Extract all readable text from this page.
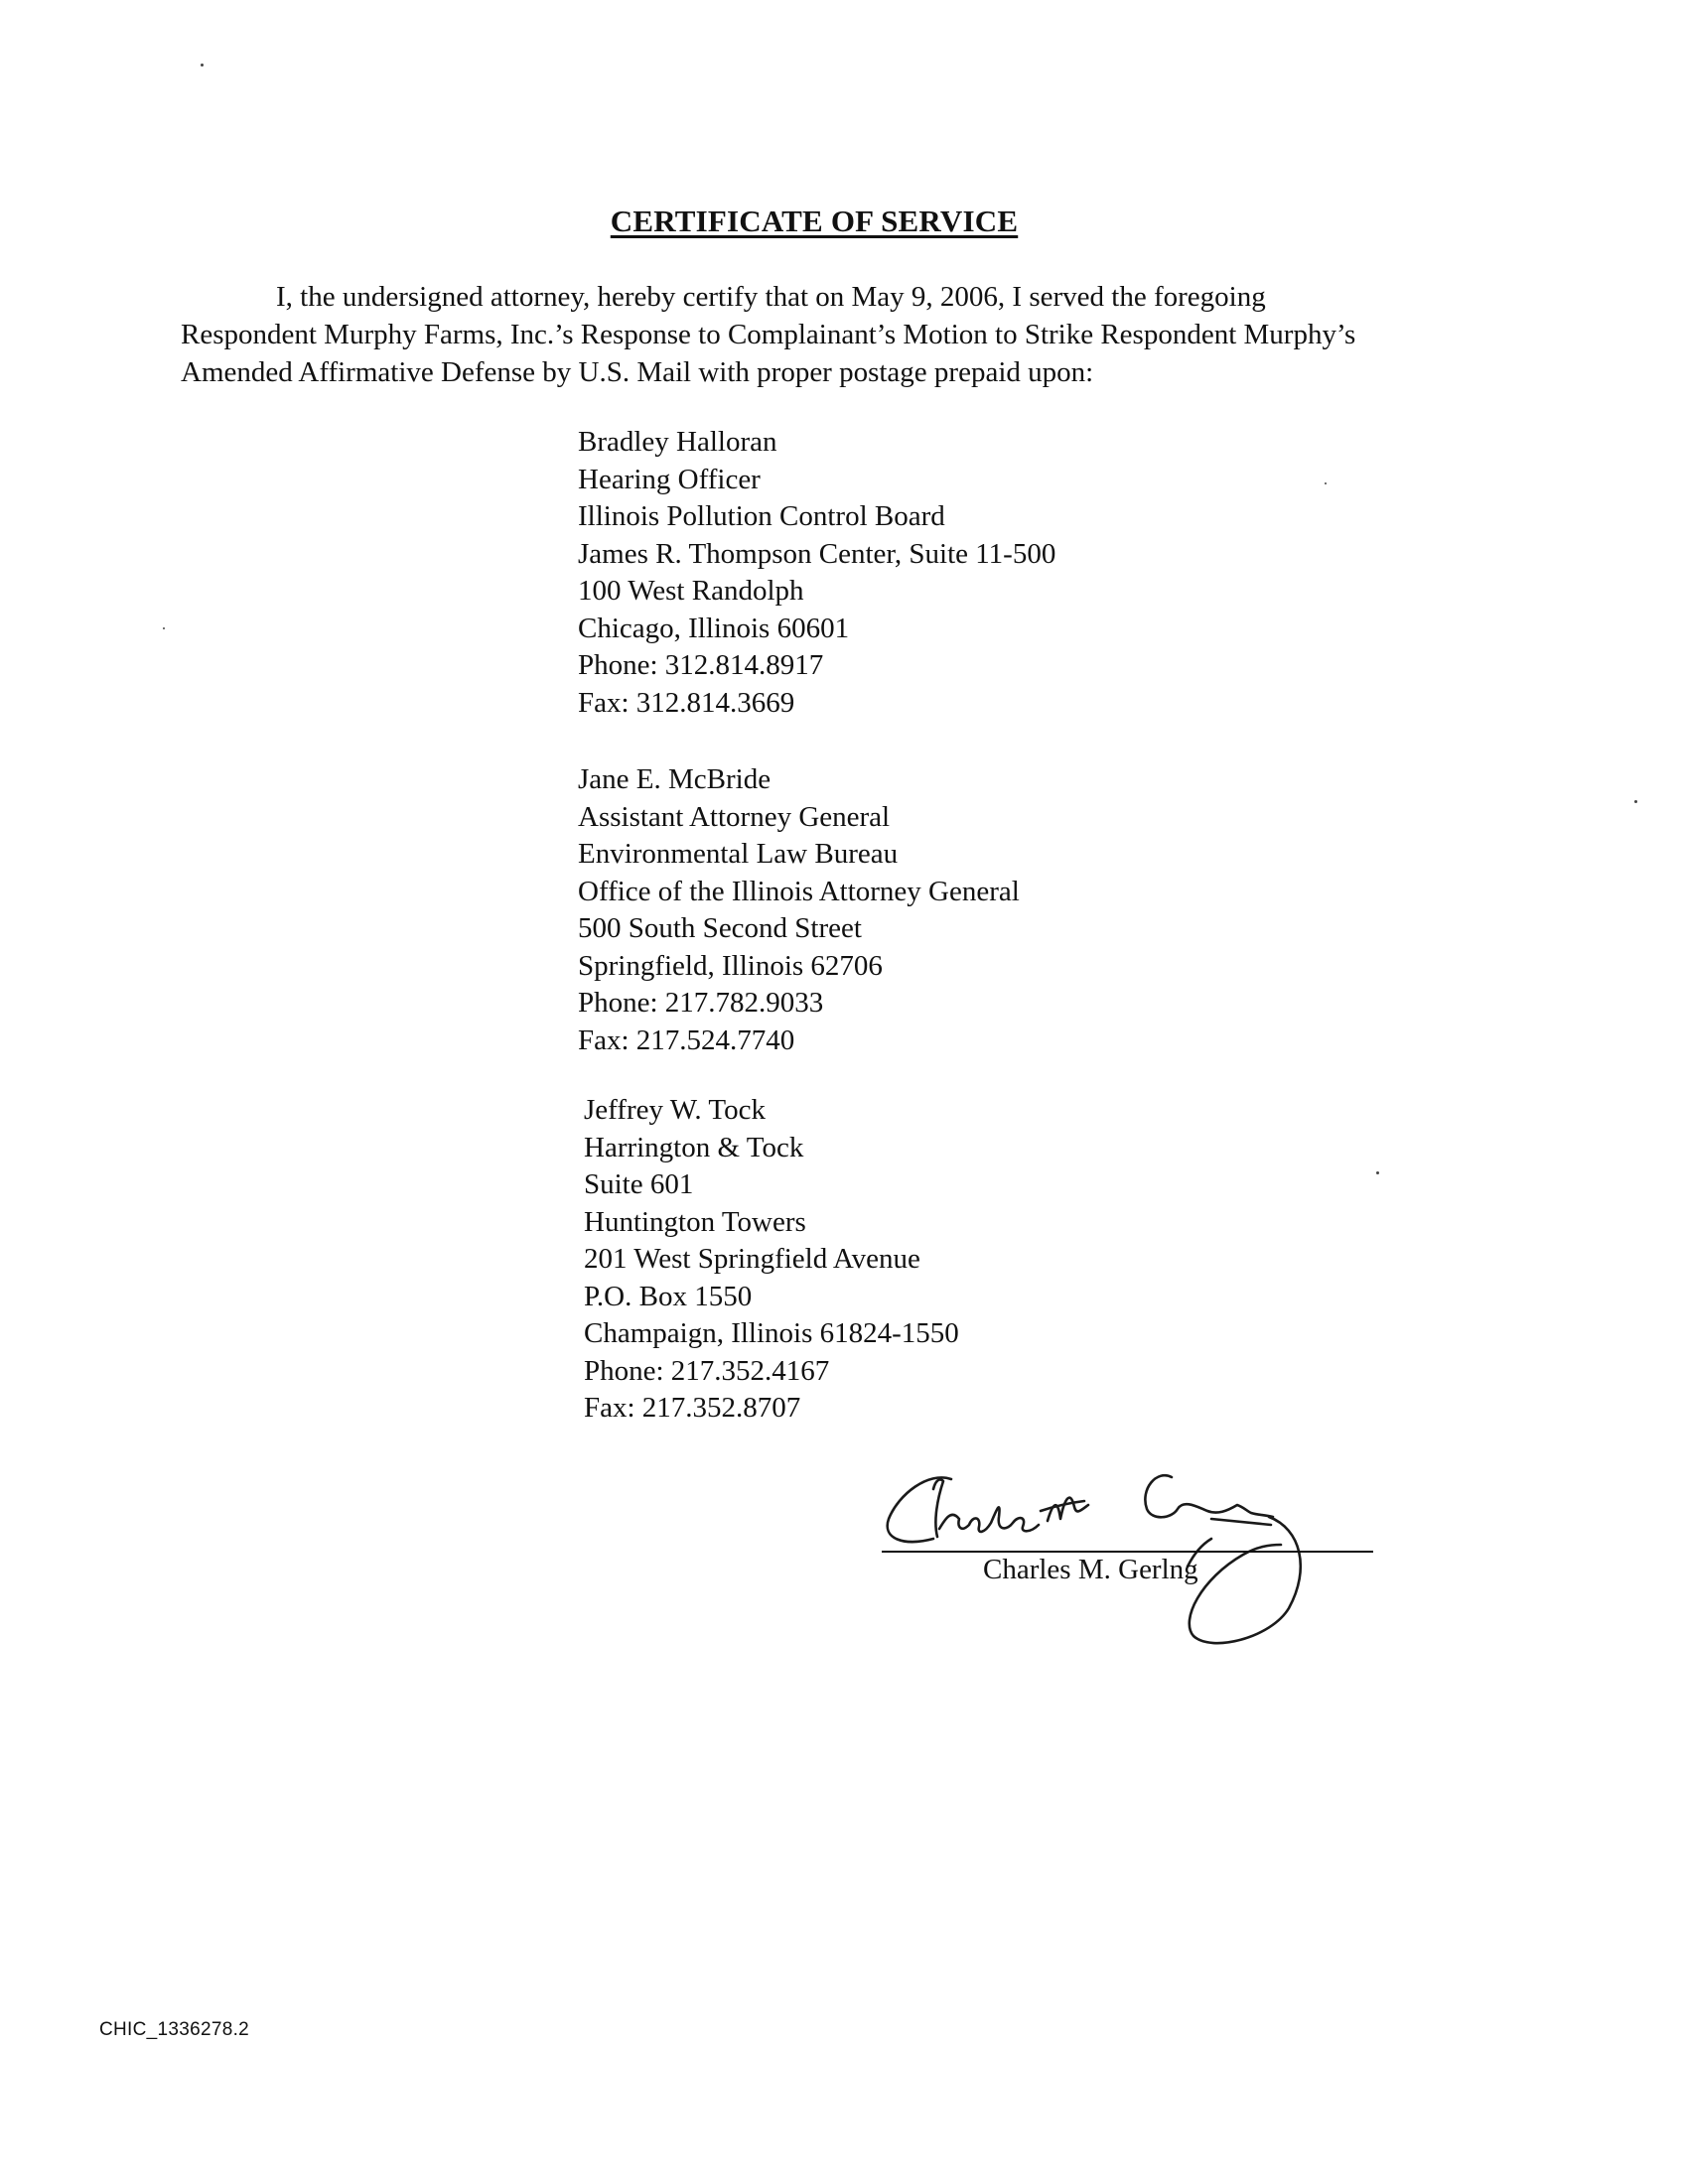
CERTIFICATE OF SERVICE
I, the undersigned attorney, hereby certify that on May 9, 2006, I served the foregoing
Respondent Murphy Farms, Inc.’s Response to Complainant’s Motion to Strike Respondent Murphy’s
Amended Affirmative Defense by U.S. Mail with proper postage prepaid upon:
Bradley Halloran
Hearing Officer
Illinois Pollution Control Board
James R. Thompson Center, Suite 11-500
100 West Randolph
Chicago, Illinois 60601
Phone: 312.814.8917
Fax: 312.814.3669
Jane E. McBride
Assistant Attorney General
Environmental Law Bureau
Office of the Illinois Attorney General
500 South Second Street
Springfield, Illinois 62706
Phone: 217.782.9033
Fax: 217.524.7740
Jeffrey W. Tock
Harrington & Tock
Suite 601
Huntington Towers
201 West Springfield Avenue
P.O. Box 1550
Champaign, Illinois 61824-1550
Phone: 217.352.4167
Fax: 217.352.8707
Charles M. Gerlng
CHIC_1336278.2
